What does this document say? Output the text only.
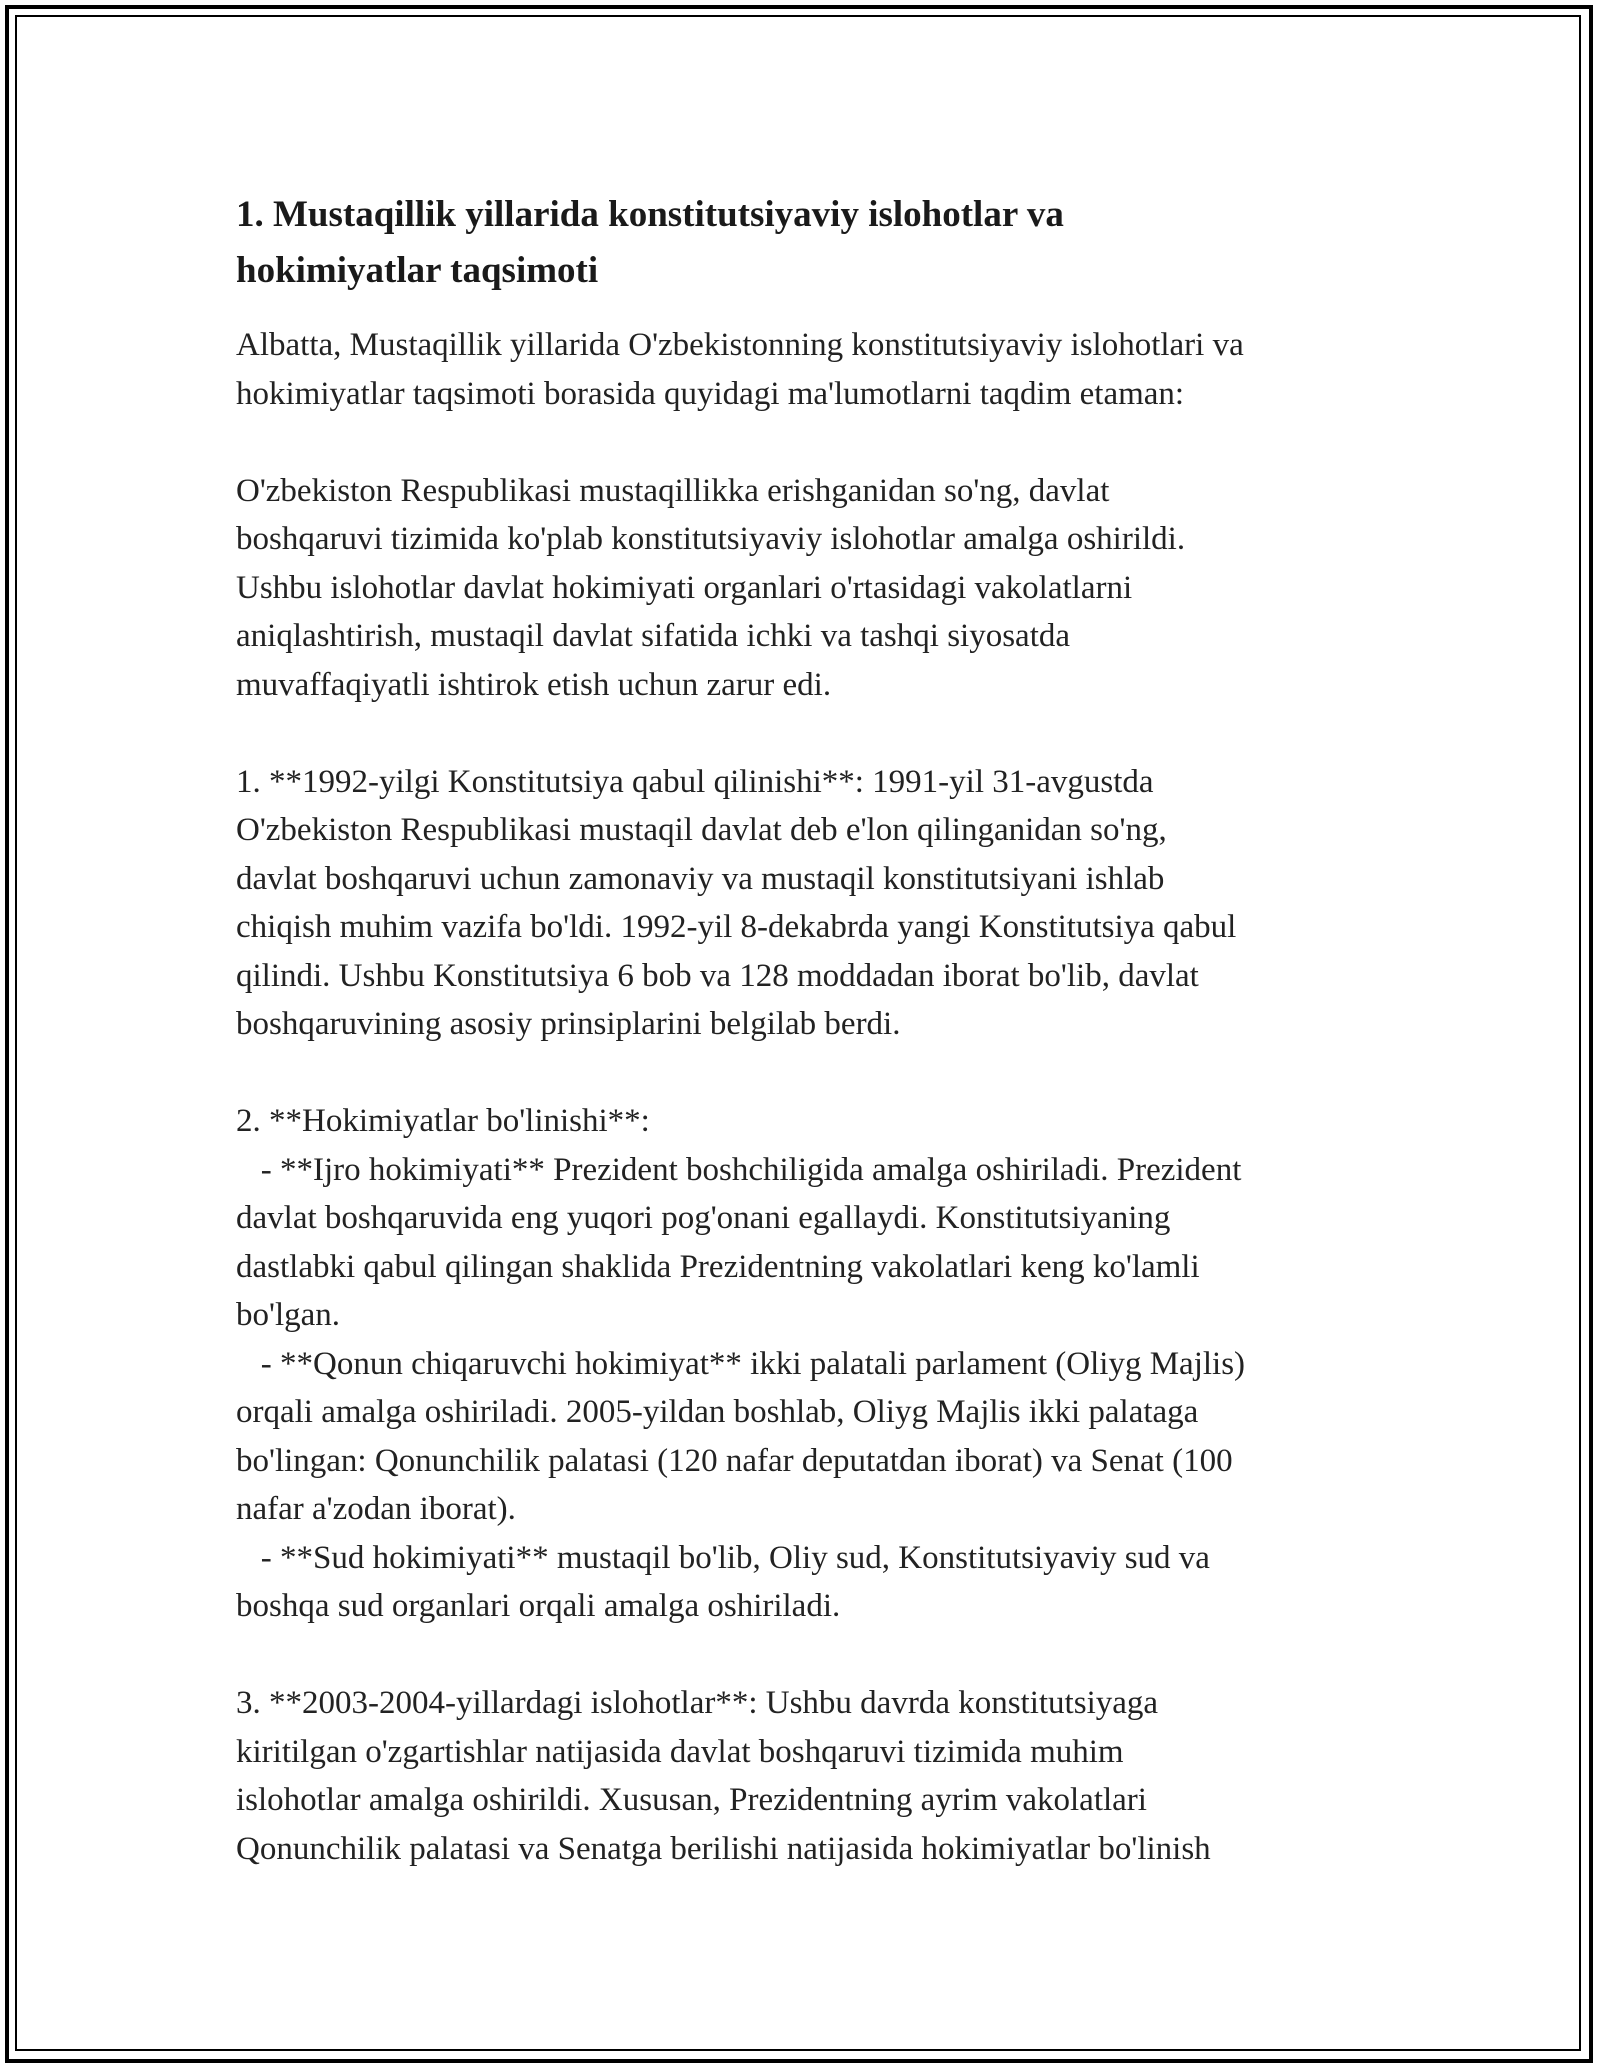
1. Mustaqillik yillarida konstitutsiyaviy islohotlar va
hokimiyatlar taqsimoti
Albatta, Mustaqillik yillarida O'zbekistonning konstitutsiyaviy islohotlari va
hokimiyatlar taqsimoti borasida quyidagi ma'lumotlarni taqdim etaman:
O'zbekiston Respublikasi mustaqillikka erishganidan so'ng, davlat
boshqaruvi tizimida ko'plab konstitutsiyaviy islohotlar amalga oshirildi.
Ushbu islohotlar davlat hokimiyati organlari o'rtasidagi vakolatlarni
aniqlashtirish, mustaqil davlat sifatida ichki va tashqi siyosatda
muvaffaqiyatli ishtirok etish uchun zarur edi.
1. **1992-yilgi Konstitutsiya qabul qilinishi**: 1991-yil 31-avgustda
O'zbekiston Respublikasi mustaqil davlat deb e'lon qilinganidan so'ng,
davlat boshqaruvi uchun zamonaviy va mustaqil konstitutsiyani ishlab
chiqish muhim vazifa bo'ldi. 1992-yil 8-dekabrda yangi Konstitutsiya qabul
qilindi. Ushbu Konstitutsiya 6 bob va 128 moddadan iborat bo'lib, davlat
boshqaruvining asosiy prinsiplarini belgilab berdi.
2. **Hokimiyatlar bo'linishi**:
- **Ijro hokimiyati** Prezident boshchiligida amalga oshiriladi. Prezident
davlat boshqaruvida eng yuqori pog'onani egallaydi. Konstitutsiyaning
dastlabki qabul qilingan shaklida Prezidentning vakolatlari keng ko'lamli
bo'lgan.
- **Qonun chiqaruvchi hokimiyat** ikki palatali parlament (Oliyg Majlis)
orqali amalga oshiriladi. 2005-yildan boshlab, Oliyg Majlis ikki palataga
bo'lingan: Qonunchilik palatasi (120 nafar deputatdan iborat) va Senat (100
nafar a'zodan iborat).
- **Sud hokimiyati** mustaqil bo'lib, Oliy sud, Konstitutsiyaviy sud va
boshqa sud organlari orqali amalga oshiriladi.
3. **2003-2004-yillardagi islohotlar**: Ushbu davrda konstitutsiyaga
kiritilgan o'zgartishlar natijasida davlat boshqaruvi tizimida muhim
islohotlar amalga oshirildi. Xususan, Prezidentning ayrim vakolatlari
Qonunchilik palatasi va Senatga berilishi natijasida hokimiyatlar bo'linish
